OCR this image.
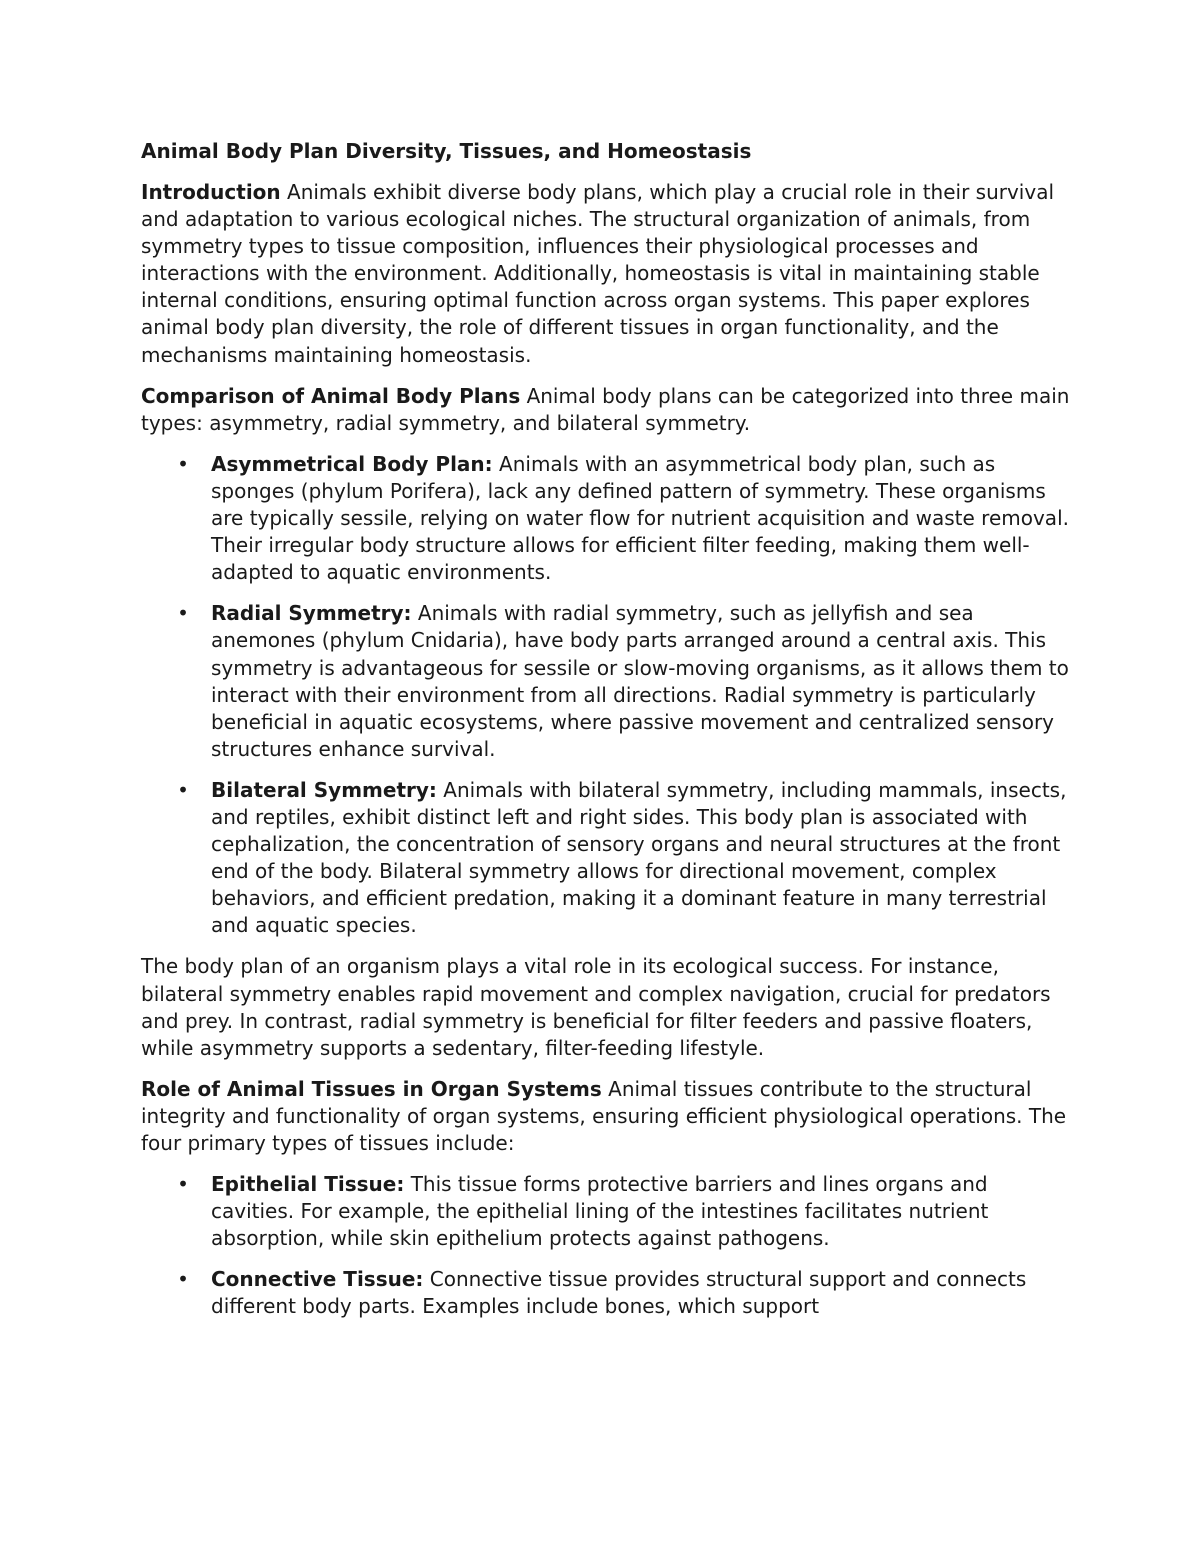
Animal Body Plan Diversity, Tissues, and Homeostasis

Introduction Animals exhibit diverse body plans, which play a crucial role in their survival and adaptation to various ecological niches. The structural organization of animals, from symmetry types to tissue composition, influences their physiological processes and interactions with the environment. Additionally, homeostasis is vital in maintaining stable internal conditions, ensuring optimal function across organ systems. This paper explores animal body plan diversity, the role of different tissues in organ functionality, and the mechanisms maintaining homeostasis.

Comparison of Animal Body Plans Animal body plans can be categorized into three main types: asymmetry, radial symmetry, and bilateral symmetry.

• Asymmetrical Body Plan: Animals with an asymmetrical body plan, such as sponges (phylum Porifera), lack any defined pattern of symmetry. These organisms are typically sessile, relying on water flow for nutrient acquisition and waste removal. Their irregular body structure allows for efficient filter feeding, making them well-adapted to aquatic environments.
• Radial Symmetry: Animals with radial symmetry, such as jellyfish and sea anemones (phylum Cnidaria), have body parts arranged around a central axis. This symmetry is advantageous for sessile or slow-moving organisms, as it allows them to interact with their environment from all directions. Radial symmetry is particularly beneficial in aquatic ecosystems, where passive movement and centralized sensory structures enhance survival.
• Bilateral Symmetry: Animals with bilateral symmetry, including mammals, insects, and reptiles, exhibit distinct left and right sides. This body plan is associated with cephalization, the concentration of sensory organs and neural structures at the front end of the body. Bilateral symmetry allows for directional movement, complex behaviors, and efficient predation, making it a dominant feature in many terrestrial and aquatic species.

The body plan of an organism plays a vital role in its ecological success. For instance, bilateral symmetry enables rapid movement and complex navigation, crucial for predators and prey. In contrast, radial symmetry is beneficial for filter feeders and passive floaters, while asymmetry supports a sedentary, filter-feeding lifestyle.

Role of Animal Tissues in Organ Systems Animal tissues contribute to the structural integrity and functionality of organ systems, ensuring efficient physiological operations. The four primary types of tissues include:

• Epithelial Tissue: This tissue forms protective barriers and lines organs and cavities. For example, the epithelial lining of the intestines facilitates nutrient absorption, while skin epithelium protects against pathogens.
• Connective Tissue: Connective tissue provides structural support and connects different body parts. Examples include bones, which support
